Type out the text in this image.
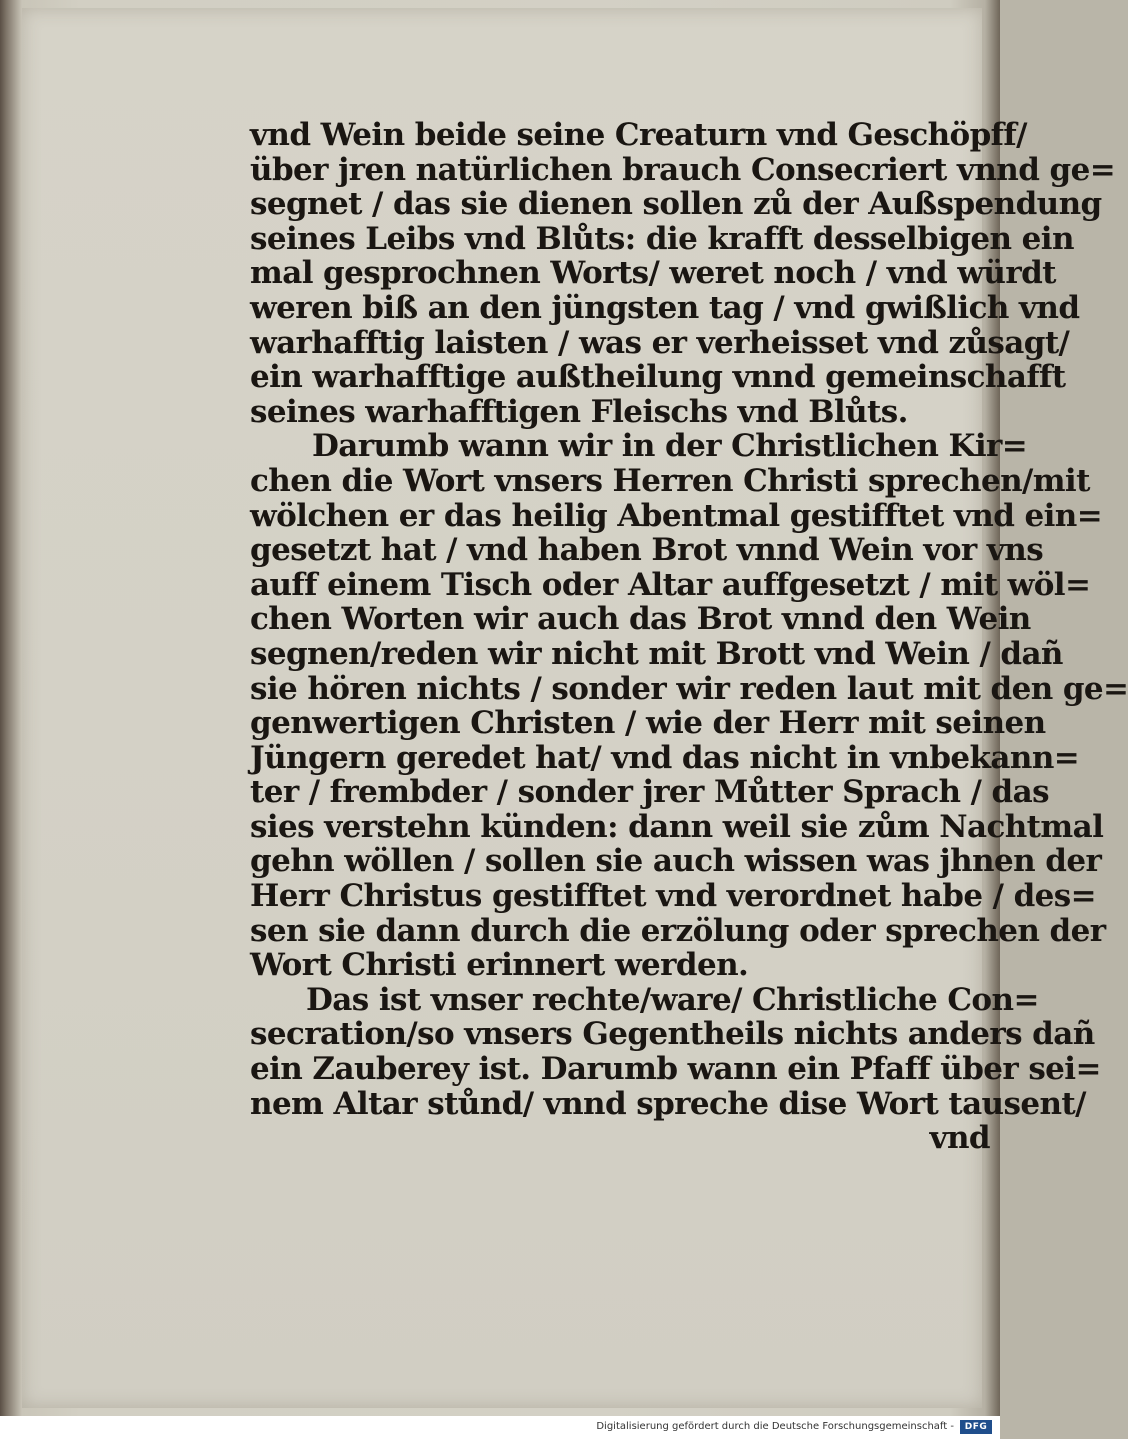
vnd Wein beide seine Creaturn vnd Geschöpff/
über jren natürlichen brauch Consecriert vnnd ge=
segnet / das sie dienen sollen zů der Außspendung
seines Leibs vnd Blůts: die krafft desselbigen ein
mal gesprochnen Worts/ weret noch / vnd würdt
weren biß an den jüngsten tag / vnd gwißlich vnd
warhafftig laisten / was er verheisset vnd zůsagt/
ein warhafftige außtheilung vnnd gemeinschafft
seines warhafftigen Fleischs vnd Blůts.
Darumb wann wir in der Christlichen Kir=
chen die Wort vnsers Herren Christi sprechen/mit
wölchen er das heilig Abentmal gestifftet vnd ein=
gesetzt hat / vnd haben Brot vnnd Wein vor vns
auff einem Tisch oder Altar auffgesetzt / mit wöl=
chen Worten wir auch das Brot vnnd den Wein
segnen/reden wir nicht mit Brott vnd Wein / dañ
sie hören nichts / sonder wir reden laut mit den ge=
genwertigen Christen / wie der Herr mit seinen
Jüngern geredet hat/ vnd das nicht in vnbekann=
ter / frembder / sonder jrer Můtter Sprach / das
sies verstehn künden: dann weil sie zům Nachtmal
gehn wöllen / sollen sie auch wissen was jhnen der
Herr Christus gestifftet vnd verordnet habe / des=
sen sie dann durch die erzölung oder sprechen der
Wort Christi erinnert werden.
Das ist vnser rechte/ware/ Christliche Con=
secration/so vnsers Gegentheils nichts anders dañ
ein Zauberey ist. Darumb wann ein Pfaff über sei=
nem Altar stůnd/ vnnd spreche dise Wort tausent/
vnd

Digitalisierung gefördert durch die Deutsche Forschungsgemeinschaft -	DFG
